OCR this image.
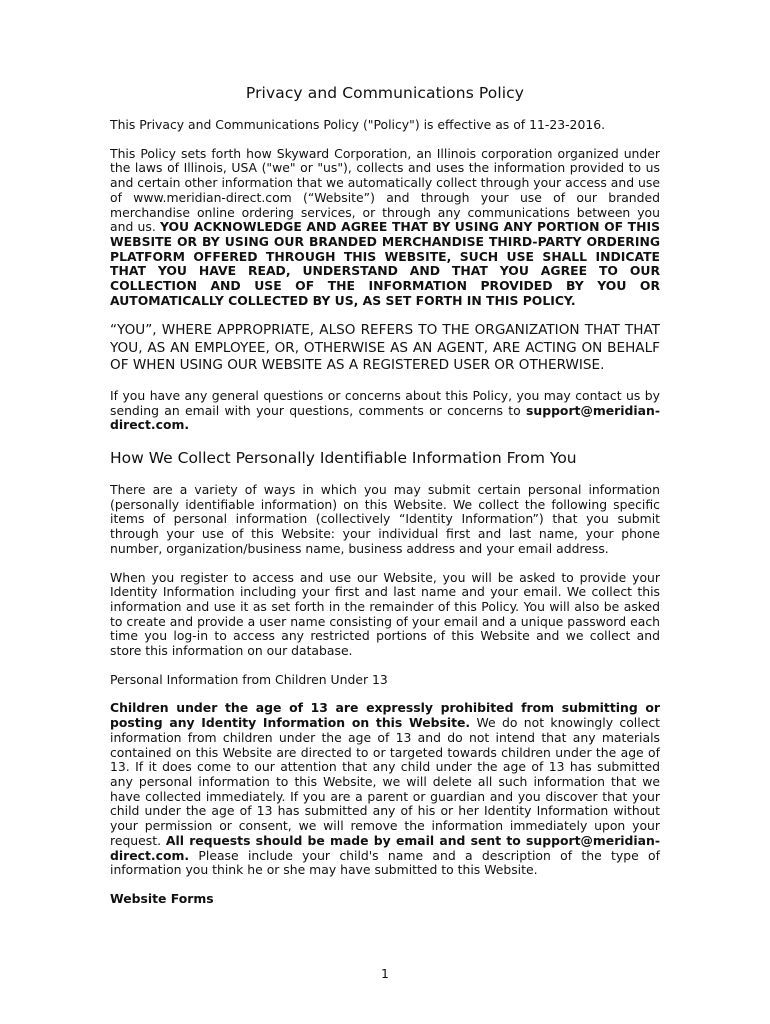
Privacy and Communications Policy

This Privacy and Communications Policy ("Policy") is effective as of 11-23-2016.

This Policy sets forth how Skyward Corporation, an Illinois corporation organized under the laws of Illinois, USA ("we" or "us"), collects and uses the information provided to us and certain other information that we automatically collect through your access and use of www.meridian-direct.com (“Website”) and through your use of our branded merchandise online ordering services, or through any communications between you and us. YOU ACKNOWLEDGE AND AGREE THAT BY USING ANY PORTION OF THIS WEBSITE OR BY USING OUR BRANDED MERCHANDISE THIRD-PARTY ORDERING PLATFORM OFFERED THROUGH THIS WEBSITE, SUCH USE SHALL INDICATE THAT YOU HAVE READ, UNDERSTAND AND THAT YOU AGREE TO OUR COLLECTION AND USE OF THE INFORMATION PROVIDED BY YOU OR AUTOMATICALLY COLLECTED BY US, AS SET FORTH IN THIS POLICY.

“YOU”, WHERE APPROPRIATE, ALSO REFERS TO THE ORGANIZATION THAT THAT YOU, AS AN EMPLOYEE, OR, OTHERWISE AS AN AGENT, ARE ACTING ON BEHALF OF WHEN USING OUR WEBSITE AS A REGISTERED USER OR OTHERWISE.

If you have any general questions or concerns about this Policy, you may contact us by sending an email with your questions, comments or concerns to support@meridian-direct.com.

How We Collect Personally Identifiable Information From You

There are a variety of ways in which you may submit certain personal information (personally identifiable information) on this Website. We collect the following specific items of personal information (collectively “Identity Information”) that you submit through your use of this Website: your individual first and last name, your phone number, organization/business name, business address and your email address.

When you register to access and use our Website, you will be asked to provide your Identity Information including your first and last name and your email. We collect this information and use it as set forth in the remainder of this Policy. You will also be asked to create and provide a user name consisting of your email and a unique password each time you log-in to access any restricted portions of this Website and we collect and store this information on our database.

Personal Information from Children Under 13

Children under the age of 13 are expressly prohibited from submitting or posting any Identity Information on this Website. We do not knowingly collect information from children under the age of 13 and do not intend that any materials contained on this Website are directed to or targeted towards children under the age of 13. If it does come to our attention that any child under the age of 13 has submitted any personal information to this Website, we will delete all such information that we have collected immediately. If you are a parent or guardian and you discover that your child under the age of 13 has submitted any of his or her Identity Information without your permission or consent, we will remove the information immediately upon your request. All requests should be made by email and sent to support@meridian-direct.com. Please include your child's name and a description of the type of information you think he or she may have submitted to this Website.

Website Forms

1
